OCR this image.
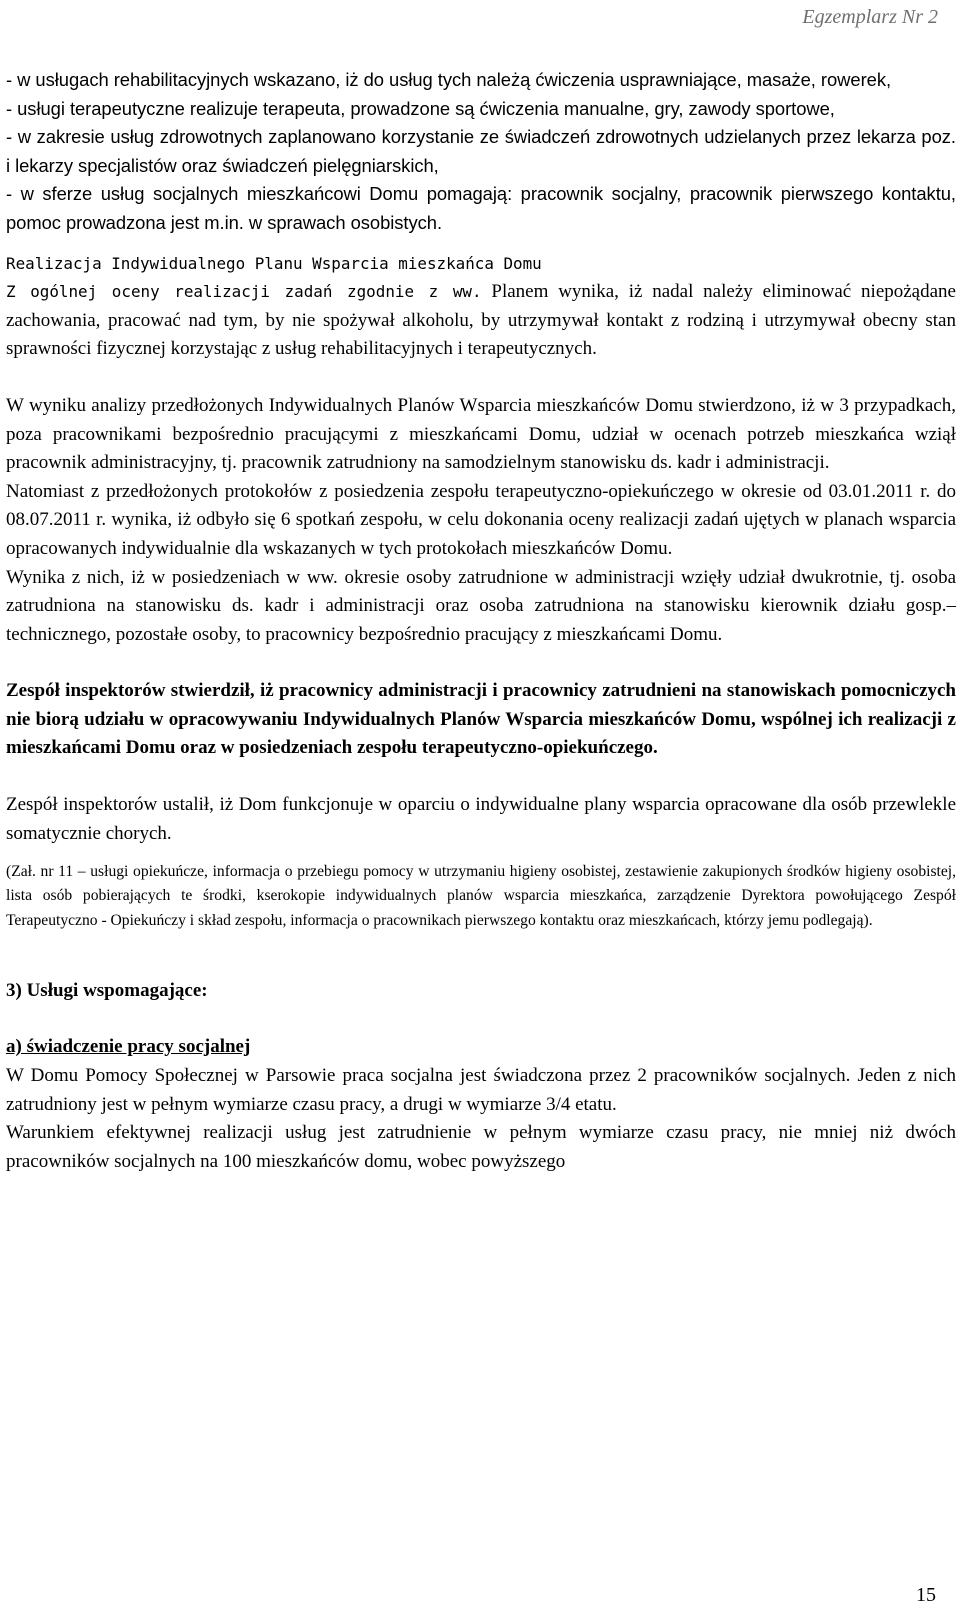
Egzemplarz Nr 2

- w usługach rehabilitacyjnych wskazano, iż do usług tych należą ćwiczenia usprawniające, masaże, rowerek,

- usługi terapeutyczne realizuje terapeuta, prowadzone są ćwiczenia manualne, gry, zawody sportowe,

- w zakresie usług zdrowotnych zaplanowano korzystanie ze świadczeń zdrowotnych udzielanych przez lekarza poz. i lekarzy specjalistów oraz świadczeń pielęgniarskich,

- w sferze usług socjalnych mieszkańcowi Domu pomagają: pracownik socjalny, pracownik pierwszego kontaktu, pomoc prowadzona jest m.in. w sprawach osobistych.

Realizacja Indywidualnego Planu Wsparcia mieszkańca Domu

Z ogólnej oceny realizacji zadań zgodnie z ww. Planem wynika, iż nadal należy eliminować niepożądane zachowania, pracować nad tym, by nie spożywał alkoholu, by utrzymywał kontakt z rodziną i utrzymywał obecny stan sprawności fizycznej korzystając z usług rehabilitacyjnych i terapeutycznych.

W wyniku analizy przedłożonych Indywidualnych Planów Wsparcia mieszkańców Domu stwierdzono, iż w 3 przypadkach, poza pracownikami bezpośrednio pracującymi z mieszkańcami Domu, udział w ocenach potrzeb mieszkańca wziął pracownik administracyjny, tj. pracownik zatrudniony na samodzielnym stanowisku ds. kadr i administracji.

Natomiast z przedłożonych protokołów z posiedzenia zespołu terapeutyczno-opiekuńczego w okresie od 03.01.2011 r. do 08.07.2011 r. wynika, iż odbyło się 6 spotkań zespołu, w celu dokonania oceny realizacji zadań ujętych w planach wsparcia opracowanych indywidualnie dla wskazanych w tych protokołach mieszkańców Domu.

Wynika z nich, iż w posiedzeniach w ww. okresie osoby zatrudnione w administracji wzięły udział dwukrotnie, tj. osoba zatrudniona na stanowisku ds. kadr i administracji oraz osoba zatrudniona na stanowisku kierownik działu gosp.– technicznego, pozostałe osoby, to pracownicy bezpośrednio pracujący z mieszkańcami Domu.

Zespół inspektorów stwierdził, iż pracownicy administracji i pracownicy zatrudnieni na stanowiskach pomocniczych nie biorą udziału w opracowywaniu Indywidualnych Planów Wsparcia mieszkańców Domu, wspólnej ich realizacji z mieszkańcami Domu oraz w posiedzeniach zespołu terapeutyczno-opiekuńczego.

Zespół inspektorów ustalił, iż Dom funkcjonuje w oparciu o indywidualne plany wsparcia opracowane dla osób przewlekle somatycznie chorych.

(Zał. nr 11 – usługi opiekuńcze, informacja o przebiegu pomocy w utrzymaniu higieny osobistej, zestawienie zakupionych środków higieny osobistej, lista osób pobierających te środki, kserokopie indywidualnych planów wsparcia mieszkańca, zarządzenie Dyrektora powołującego Zespół Terapeutyczno - Opiekuńczy i skład zespołu, informacja o pracownikach pierwszego kontaktu oraz mieszkańcach, którzy jemu podlegają).

3) Usługi wspomagające:

a) świadczenie pracy socjalnej

W Domu Pomocy Społecznej w Parsowie praca socjalna jest świadczona przez 2 pracowników socjalnych. Jeden z nich zatrudniony jest w pełnym wymiarze czasu pracy, a drugi w wymiarze 3/4 etatu.

Warunkiem efektywnej realizacji usług jest zatrudnienie w pełnym wymiarze czasu pracy, nie mniej niż dwóch pracowników socjalnych na 100 mieszkańców domu, wobec powyższego

15
